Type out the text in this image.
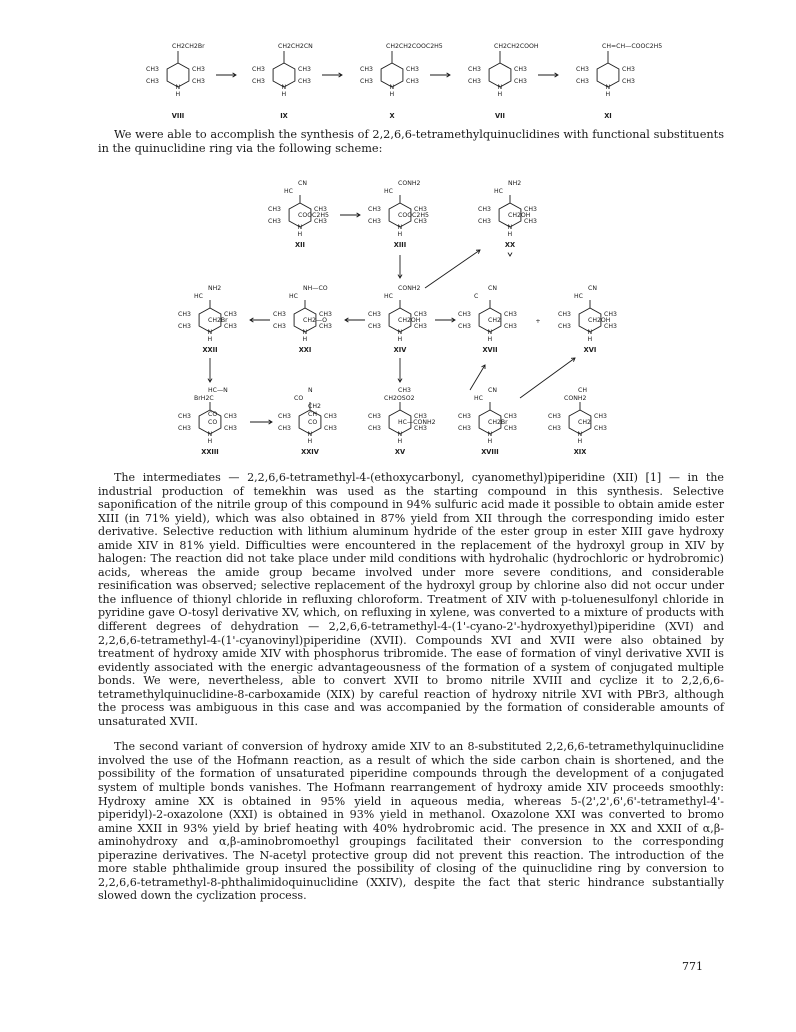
CH3
CH3
CH3
CH3
N
H
CH2CH2Br
VIII
CH3
CH3
CH3
CH3
N
H
CH2CH2CN
IX
CH3
CH3
CH3
CH3
N
H
CH2CH2COOC2H5
X
CH3
CH3
CH3
CH3
N
H
CH2CH2COOH
VII
CH3
CH3
CH3
CH3
N
H
CH=CH—COOC2H5
XI

We were able to accomplish the synthesis of 2,2,6,6-tetramethylquinuclidines with functional substituents in the quinuclidine ring via the following scheme:

CH3
CH3
CH3
CH3
N
H
HC
CN
COOC2H5
XII
CH3
CH3
CH3
CH3
N
H
HC
CONH2
COOC2H5
XIII
CH3
CH3
CH3
CH3
N
H
HC
NH2
CH2OH
XX
CH3
CH3
CH3
CH3
N
H
HC
NH2
CH2Br
XXII
CH3
CH3
CH3
CH3
N
H
HC
NH—CO
CH2—O
XXI
CH3
CH3
CH3
CH3
N
H
HC
CONH2
CH2OH
XIV
CH3
CH3
CH3
CH3
N
H
C
CN
CH2
XVII
CH3
CH3
CH3
CH3
N
H
HC
CN
CH2OH
XVI
CH3
CH3
CH3
CH3
N
H
BrH2C
HC—N
CO
CO
XXIII
CH3
CH3
CH3
CH3
N
H
CO
N
CO
CH
CH2
XXIV
CH3
CH3
CH3
CH3
N
H
CH2OSO2
CH3
HC—CONH2
XV
CH3
CH3
CH3
CH3
N
H
HC
CN
CH2Br
XVIII
CH3
CH3
CH3
CH3
N
H
CONH2
CH
CH2
XIX
+

The intermediates — 2,2,6,6-tetramethyl-4-(ethoxycarbonyl, cyanomethyl)piperidine (XII) [1] — in the industrial production of temekhin was used as the starting compound in this synthesis. Selective saponification of the nitrile group of this compound in 94% sulfuric acid made it possible to obtain amide ester XIII (in 71% yield), which was also obtained in 87% yield from XII through the corresponding imido ester derivative. Selective reduction with lithium aluminum hydride of the ester group in ester XIII gave hydroxy amide XIV in 81% yield. Difficulties were encountered in the replacement of the hydroxyl group in XIV by halogen: The reaction did not take place under mild conditions with hydrohalic (hydrochloric or hydrobromic) acids, whereas the amide group became involved under more severe conditions, and considerable resinification was observed; selective replacement of the hydroxyl group by chlorine also did not occur under the influence of thionyl chloride in refluxing chloroform. Treatment of XIV with p-toluenesulfonyl chloride in pyridine gave O-tosyl derivative XV, which, on refluxing in xylene, was converted to a mixture of products with different degrees of dehydration — 2,2,6,6-tetramethyl-4-(1'-cyano-2'-hydroxyethyl)piperidine (XVI) and 2,2,6,6-tetramethyl-4-(1'-cyanovinyl)piperidine (XVII). Compounds XVI and XVII were also obtained by treatment of hydroxy amide XIV with phosphorus tribromide. The ease of formation of vinyl derivative XVII is evidently associated with the energic advantageousness of the formation of a system of conjugated multiple bonds. We were, nevertheless, able to convert XVII to bromo nitrile XVIII and cyclize it to 2,2,6,6-tetramethylquinuclidine-8-carboxamide (XIX) by careful reaction of hydroxy nitrile XVI with PBr3, although the process was ambiguous in this case and was accompanied by the formation of considerable amounts of unsaturated XVII.

The second variant of conversion of hydroxy amide XIV to an 8-substituted 2,2,6,6-tetramethylquinuclidine involved the use of the Hofmann reaction, as a result of which the side carbon chain is shortened, and the possibility of the formation of unsaturated piperidine compounds through the development of a conjugated system of multiple bonds vanishes. The Hofmann rearrangement of hydroxy amide XIV proceeds smoothly: Hydroxy amine XX is obtained in 95% yield in aqueous media, whereas 5-(2',2',6',6'-tetramethyl-4'-piperidyl)-2-oxazolone (XXI) is obtained in 93% yield in methanol. Oxazolone XXI was converted to bromo amine XXII in 93% yield by brief heating with 40% hydrobromic acid. The presence in XX and XXII of α,β-aminohydroxy and α,β-aminobromoethyl groupings facilitated their conversion to the corresponding piperazine derivatives. The N-acetyl protective group did not prevent this reaction. The introduction of the more stable phthalimide group insured the possibility of closing of the quinuclidine ring by conversion to 2,2,6,6-tetramethyl-8-phthalimidoquinuclidine (XXIV), despite the fact that steric hindrance substantially slowed down the cyclization process.

771
